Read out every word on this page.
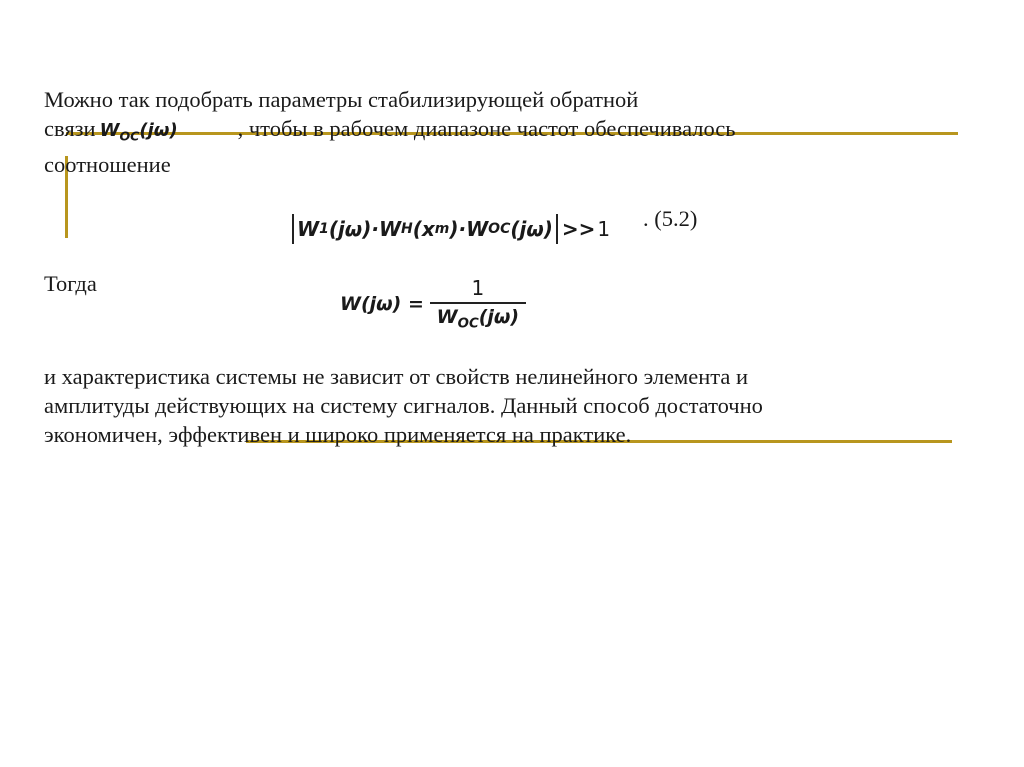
Можно так подобрать параметры стабилизирующей обратной
связи $W_{OC}(j\omega)$	, чтобы в рабочем диапазоне частот обеспечивалось
соотношение
W 1 (jω)· W H (x m )· W OC (jω) >> 1 . (5.2)
Тогда
$W(j\omega) = \frac{1}{W_{OC}(j\omega)}$
и характеристика системы не зависит от свойств нелинейного элемента и
амплитуды действующих на систему сигналов. Данный способ достаточно
экономичен, эффективен и широко применяется на практике.
